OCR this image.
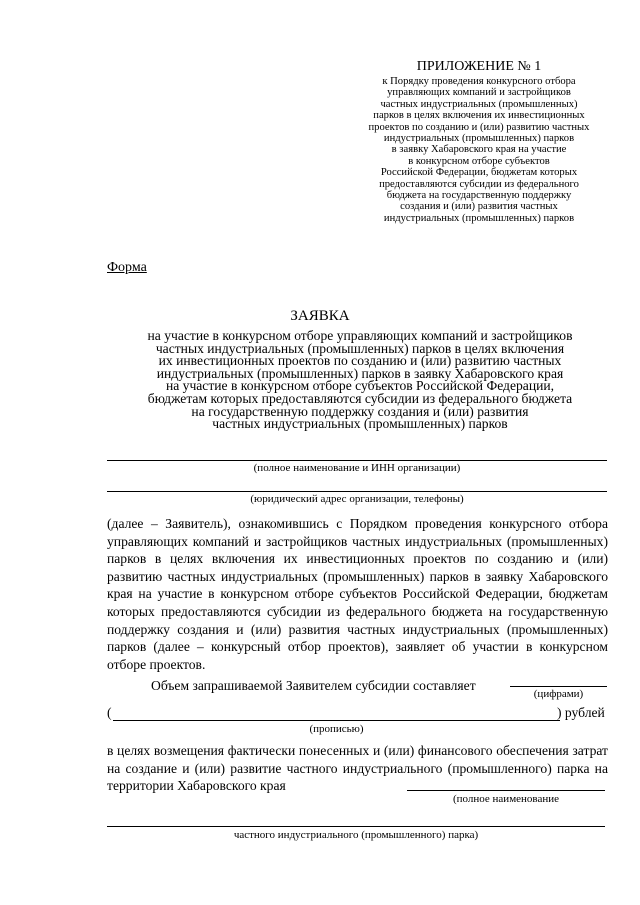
ПРИЛОЖЕНИЕ № 1
к Порядку проведения конкурсного отбора
управляющих компаний и застройщиков
частных индустриальных (промышленных)
парков в целях включения их инвестиционных
проектов по созданию и (или) развитию частных
индустриальных (промышленных) парков
в заявку Хабаровского края на участие
в конкурсном отборе субъектов
Российской Федерации, бюджетам которых
предоставляются субсидии из федерального
бюджета на государственную поддержку
создания и (или) развития частных
индустриальных (промышленных) парков
Форма
ЗАЯВКА
на участие в конкурсном отборе управляющих компаний и застройщиков
частных индустриальных (промышленных) парков в целях включения
их инвестиционных проектов по созданию и (или) развитию частных
индустриальных (промышленных) парков в заявку Хабаровского края
на участие в конкурсном отборе субъектов Российской Федерации,
бюджетам которых предоставляются субсидии из федерального бюджета
на государственную поддержку создания и (или) развития
частных индустриальных (промышленных) парков
(полное наименование и ИНН организации)
(юридический адрес организации, телефоны)
(далее – Заявитель), ознакомившись с Порядком проведения конкурсного отбора управляющих компаний и застройщиков частных индустриальных (промышленных) парков в целях включения их инвестиционных проектов по созданию и (или) развитию частных индустриальных (промышленных) парков в заявку Хабаровского края на участие в конкурсном отборе субъектов Российской Федерации, бюджетам которых предоставляются субсидии из федерального бюджета на государственную поддержку создания и (или) развития частных индустриальных (промышленных) парков (далее – конкурсный отбор проектов), заявляет об участии в конкурсном отборе проектов.
Объем запрашиваемой Заявителем субсидии составляет
(цифрами)
(	) рублей
(прописью)
в целях возмещения фактически понесенных и (или) финансового обеспечения затрат на создание и (или) развитие частного индустриального (промышленного) парка на территории Хабаровского края
(полное наименование
частного индустриального (промышленного) парка)
